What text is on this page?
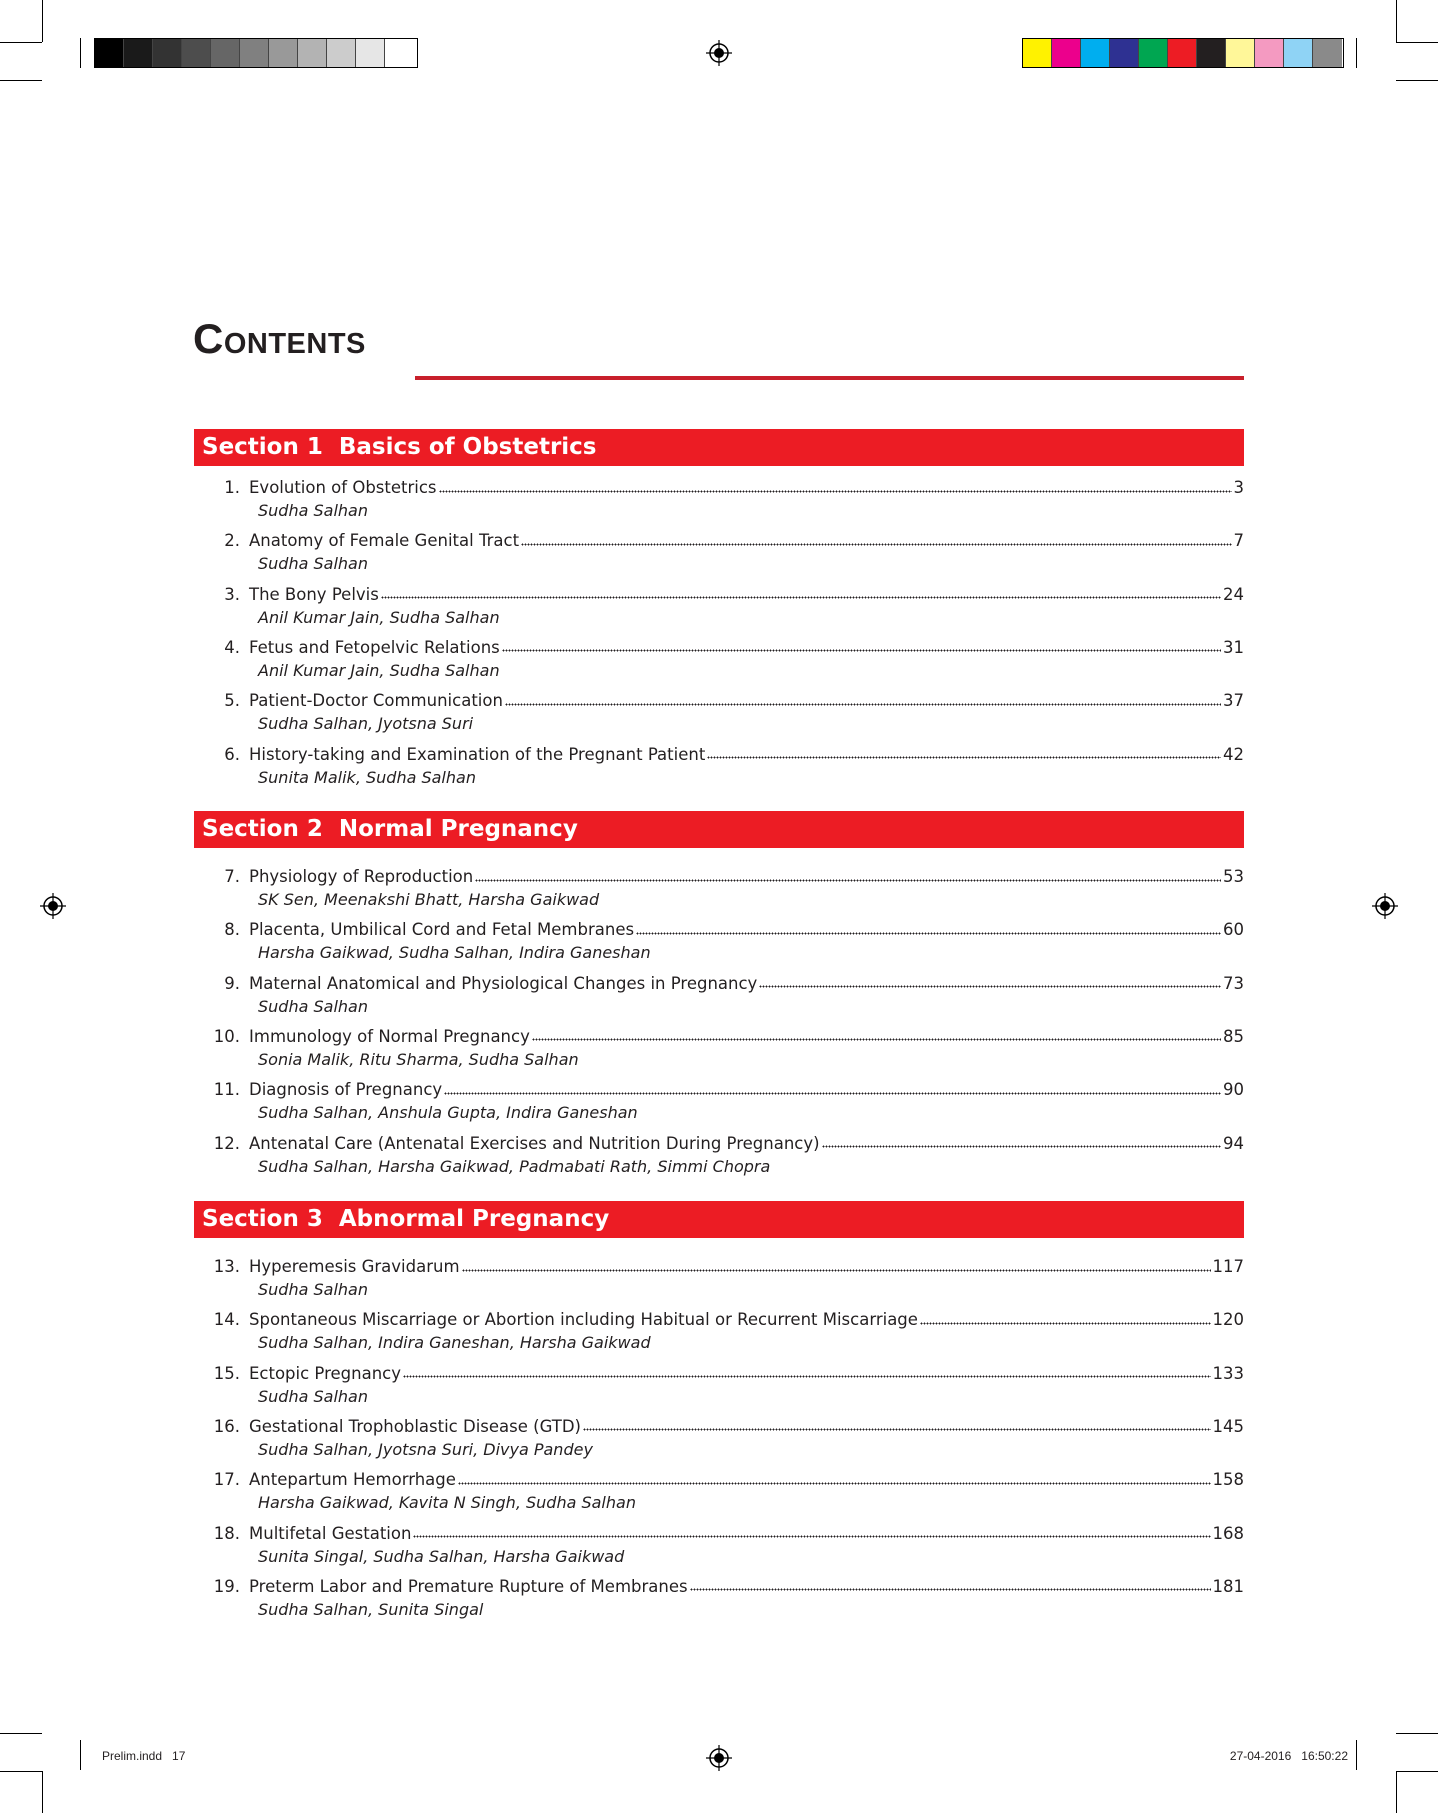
Contents
Section 1  Basics of Obstetrics
1. Evolution of Obstetrics	3
Sudha Salhan
2. Anatomy of Female Genital Tract	7
Sudha Salhan
3. The Bony Pelvis	24
Anil Kumar Jain, Sudha Salhan
4. Fetus and Fetopelvic Relations	31
Anil Kumar Jain, Sudha Salhan
5. Patient-Doctor Communication	37
Sudha Salhan, Jyotsna Suri
6. History-taking and Examination of the Pregnant Patient	42
Sunita Malik, Sudha Salhan
Section 2  Normal Pregnancy
7. Physiology of Reproduction	53
SK Sen, Meenakshi Bhatt, Harsha Gaikwad
8. Placenta, Umbilical Cord and Fetal Membranes	60
Harsha Gaikwad, Sudha Salhan, Indira Ganeshan
9. Maternal Anatomical and Physiological Changes in Pregnancy	73
Sudha Salhan
10. Immunology of Normal Pregnancy	85
Sonia Malik, Ritu Sharma, Sudha Salhan
11. Diagnosis of Pregnancy	90
Sudha Salhan, Anshula Gupta, Indira Ganeshan
12. Antenatal Care (Antenatal Exercises and Nutrition During Pregnancy)	94
Sudha Salhan, Harsha Gaikwad, Padmabati Rath, Simmi Chopra
Section 3  Abnormal Pregnancy
13. Hyperemesis Gravidarum	117
Sudha Salhan
14. Spontaneous Miscarriage or Abortion including Habitual or Recurrent Miscarriage	120
Sudha Salhan, Indira Ganeshan, Harsha Gaikwad
15. Ectopic Pregnancy	133
Sudha Salhan
16. Gestational Trophoblastic Disease (GTD)	145
Sudha Salhan, Jyotsna Suri, Divya Pandey
17. Antepartum Hemorrhage	158
Harsha Gaikwad, Kavita N Singh, Sudha Salhan
18. Multifetal Gestation	168
Sunita Singal, Sudha Salhan, Harsha Gaikwad
19. Preterm Labor and Premature Rupture of Membranes	181
Sudha Salhan, Sunita Singal
Prelim.indd   17	27-04-2016   16:50:22
